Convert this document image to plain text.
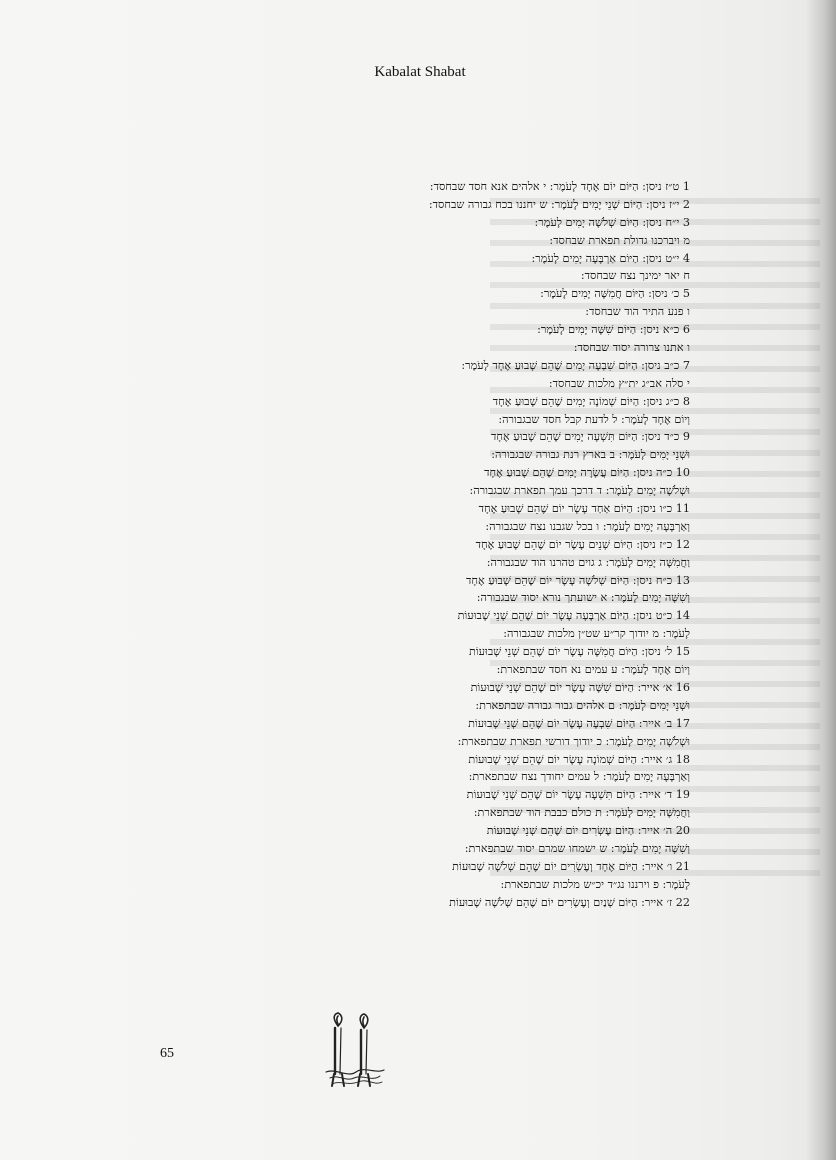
Kabalat Shabat
1 ט״ז ניסן: הַיּוֹם יוֹם אֶחָד לָעֹמֶר: י אלהים אנא חסד שבחסד:
2 י״ז ניסן: הַיּוֹם שְׁנֵי יָמִים לָעֹמֶר: ש יחננו בכח גבורה שבחסד:
3 י״ח ניסן: הַיּוֹם שְׁלֹשָׁה יָמִים לָעֹמֶר:
מ ויברכנו גדולת תפארת שבחסד:
4 י״ט ניסן: הַיּוֹם אַרְבָּעָה יָמִים לָעֹמֶר:
ח יאר ימינך נצח שבחסד:
5 כ׳ ניסן: הַיּוֹם חֲמִשָּׁה יָמִים לָעֹמֶר:
ו פנע התיר הוד שבחסד:
6 כ״א ניסן: הַיּוֹם שִׁשָּׁה יָמִים לָעֹמֶר:
ו אתנו צרורה יסוד שבחסד:
7 כ״ב ניסן: הַיּוֹם שִׁבְעָה יָמִים שֶׁהֵם שָׁבוּעַ אֶחָד לָעֹמֶר:
י סלה אב״ג ית״ץ מלכות שבחסד:
8 כ״ג ניסן: הַיּוֹם שְׁמוֹנָה יָמִים שֶׁהֵם שָׁבוּעַ אֶחָד
וְיוֹם אֶחָד לָעֹמֶר: ל לדעת קבל חסד שבגבורה:
9 כ״ד ניסן: הַיּוֹם תִּשְׁעָה יָמִים שֶׁהֵם שָׁבוּעַ אֶחָד
וּשְׁנֵי יָמִים לָעֹמֶר: ב בארץ רנת גבורה שבגבורה:
10 כ״ה ניסן: הַיּוֹם עֲשָׂרָה יָמִים שֶׁהֵם שָׁבוּעַ אֶחָד
וּשְׁלֹשָׁה יָמִים לָעֹמֶר: ד דרכך עמך תפארת שבגבורה:
11 כ״ו ניסן: הַיּוֹם אַחַד עָשָׂר יוֹם שֶׁהֵם שָׁבוּעַ אֶחָד
וְאַרְבָּעָה יָמִים לָעֹמֶר: ו בכל שגבנו נצח שבגבורה:
12 כ״ז ניסן: הַיּוֹם שְׁנֵים עָשָׂר יוֹם שֶׁהֵם שָׁבוּעַ אֶחָד
וַחֲמִשָּׁה יָמִים לָעֹמֶר: ג גוים טהרנו הוד שבגבורה:
13 כ״ח ניסן: הַיּוֹם שְׁלֹשָׁה עָשָׂר יוֹם שֶׁהֵם שָׁבוּעַ אֶחָד
וְשִׁשָּׁה יָמִים לָעֹמֶר: א ישועתך נורא יסוד שבגבורה:
14 כ״ט ניסן: הַיּוֹם אַרְבָּעָה עָשָׂר יוֹם שֶׁהֵם שְׁנֵי שָׁבוּעוֹת
לָעֹמֶר: מ יודוך קר״ע שט״ן מלכות שבגבורה:
15 ל׳ ניסן: הַיּוֹם חֲמִשָּׁה עָשָׂר יוֹם שֶׁהֵם שְׁנֵי שָׁבוּעוֹת
וְיוֹם אֶחָד לָעֹמֶר: ע עמים נא חסד שבתפארת:
16 א׳ אייר: הַיּוֹם שִׁשָּׁה עָשָׂר יוֹם שֶׁהֵם שְׁנֵי שָׁבוּעוֹת
וּשְׁנֵי יָמִים לָעֹמֶר: ם אלהים גבור גבורה שבתפארת:
17 ב׳ אייר: הַיּוֹם שִׁבְעָה עָשָׂר יוֹם שֶׁהֵם שְׁנֵי שָׁבוּעוֹת
וּשְׁלֹשָׁה יָמִים לָעֹמֶר: כ יודוך דורשי תפארת שבתפארת:
18 ג׳ אייר: הַיּוֹם שְׁמוֹנָה עָשָׂר יוֹם שֶׁהֵם שְׁנֵי שָׁבוּעוֹת
וְאַרְבָּעָה יָמִים לָעֹמֶר: ל עמים יחודך נצח שבתפארת:
19 ד׳ אייר: הַיּוֹם תִּשְׁעָה עָשָׂר יוֹם שֶׁהֵם שְׁנֵי שָׁבוּעוֹת
וַחֲמִשָּׁה יָמִים לָעֹמֶר: ת כולם כבבת הוד שבתפארת:
20 ה׳ אייר: הַיּוֹם עֶשְׂרִים יוֹם שֶׁהֵם שְׁנֵי שָׁבוּעוֹת
וְשִׁשָּׁה יָמִים לָעֹמֶר: ש ישמחו שמרם יסוד שבתפארת:
21 ו׳ אייר: הַיּוֹם אֶחָד וְעֶשְׂרִים יוֹם שֶׁהֵם שְׁלֹשָׁה שָׁבוּעוֹת
לָעֹמֶר: פ וירננו נג״ד יכ״ש מלכות שבתפארת:
22 ז׳ אייר: הַיּוֹם שְׁנַיִם וְעֶשְׂרִים יוֹם שֶׁהֵם שְׁלֹשָׁה שָׁבוּעוֹת
65
